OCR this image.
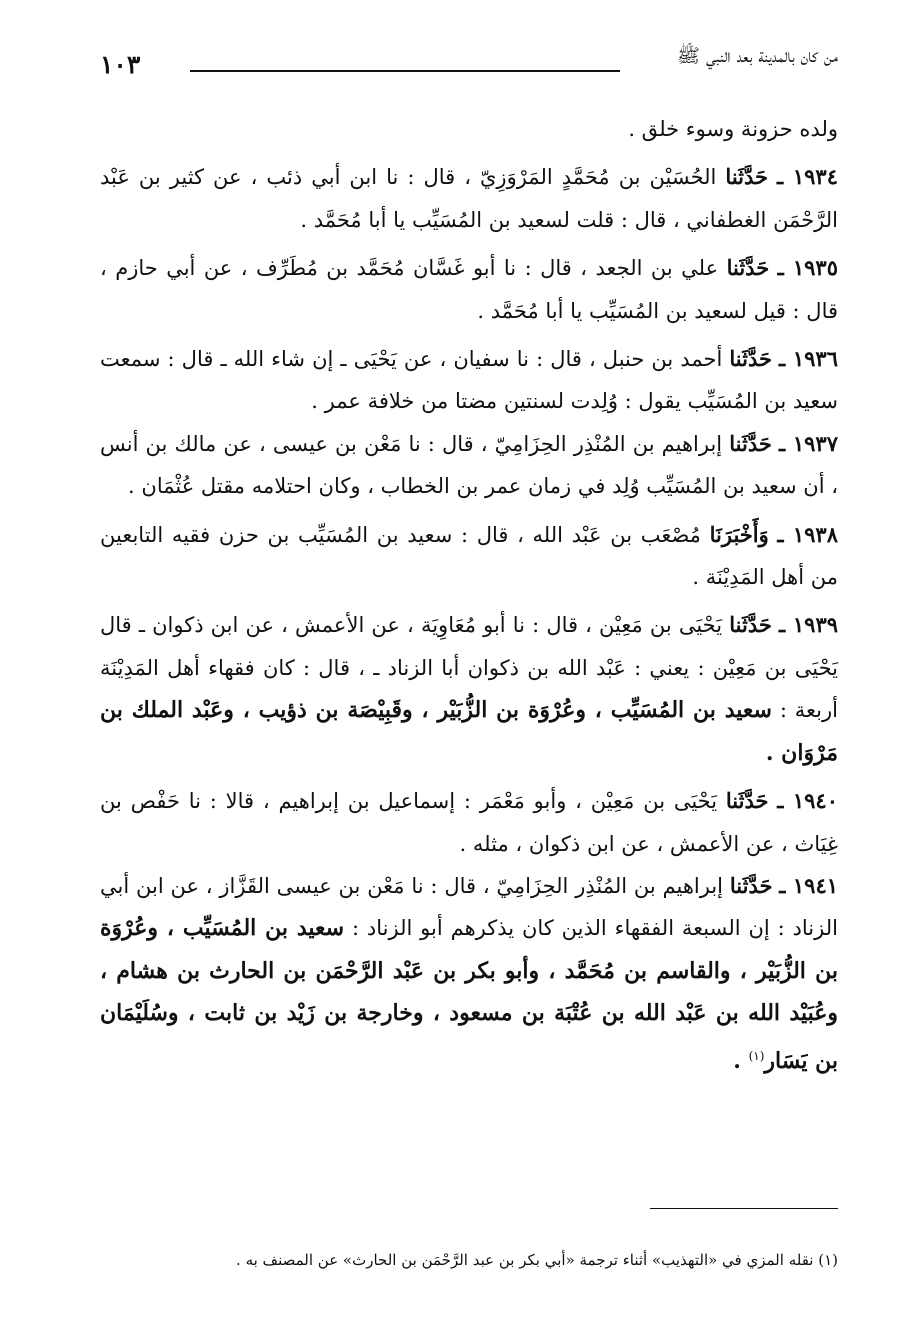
من كان بالمدينة بعد النبي ﷺ
١٠٣

ولده حزونة وسوء خلق .

١٩٣٤ ـ حَدَّثَنا الحُسَيْن بن مُحَمَّدٍ المَرْوَزِيّ ، قال : نا ابن أبي ذئب ، عن كثير بن عَبْد الرَّحْمَن الغطفاني ، قال : قلت لسعيد بن المُسَيِّب يا أبا مُحَمَّد .

١٩٣٥ ـ حَدَّثَنا علي بن الجعد ، قال : نا أبو غَسَّان مُحَمَّد بن مُطَرِّف ، عن أبي حازم ، قال : قيل لسعيد بن المُسَيِّب يا أبا مُحَمَّد .

١٩٣٦ ـ حَدَّثَنا أحمد بن حنبل ، قال : نا سفيان ، عن يَحْيَى ـ إن شاء الله ـ قال : سمعت سعيد بن المُسَيِّب يقول : وُلِدت لسنتين مضتا من خلافة عمر .

١٩٣٧ ـ حَدَّثَنا إبراهيم بن المُنْذِر الحِزَامِيّ ، قال : نا مَعْن بن عيسى ، عن مالك بن أنس ، أن سعيد بن المُسَيِّب وُلِد في زمان عمر بن الخطاب ، وكان احتلامه مقتل عُثْمَان .

١٩٣٨ ـ وَأَخْبَرَنَا مُصْعَب بن عَبْد الله ، قال : سعيد بن المُسَيِّب بن حزن فقيه التابعين من أهل المَدِيْنَة .

١٩٣٩ ـ حَدَّثَنا يَحْيَى بن مَعِيْن ، قال : نا أبو مُعَاوِيَة ، عن الأعمش ، عن ابن ذكوان ـ قال يَحْيَى بن مَعِيْن : يعني : عَبْد الله بن ذكوان أبا الزناد ـ ، قال : كان فقهاء أهل المَدِيْنَة أربعة : سعيد بن المُسَيِّب ، وعُرْوَة بن الزُّبَيْر ، وقَبِيْصَة بن ذؤيب ، وعَبْد الملك بن مَرْوَان .

١٩٤٠ ـ حَدَّثَنا يَحْيَى بن مَعِيْن ، وأبو مَعْمَر : إسماعيل بن إبراهيم ، قالا : نا حَفْص بن غِيَاث ، عن الأعمش ، عن ابن ذكوان ، مثله .

١٩٤١ ـ حَدَّثَنا إبراهيم بن المُنْذِر الحِزَامِيّ ، قال : نا مَعْن بن عيسى القَزَّاز ، عن ابن أبي الزناد : إن السبعة الفقهاء الذين كان يذكرهم أبو الزناد : سعيد بن المُسَيِّب ، وعُرْوَة بن الزُّبَيْر ، والقاسم بن مُحَمَّد ، وأبو بكر بن عَبْد الرَّحْمَن بن الحارث بن هشام ، وعُبَيْد الله بن عَبْد الله بن عُتْبَة بن مسعود ، وخارجة بن زَيْد بن ثابت ، وسُلَيْمَان بن يَسَار$^{(١)}$ .

(١) نقله المزي في «التهذيب» أثناء ترجمة «أبي بكر بن عبد الرَّحْمَن بن الحارث» عن المصنف به .
